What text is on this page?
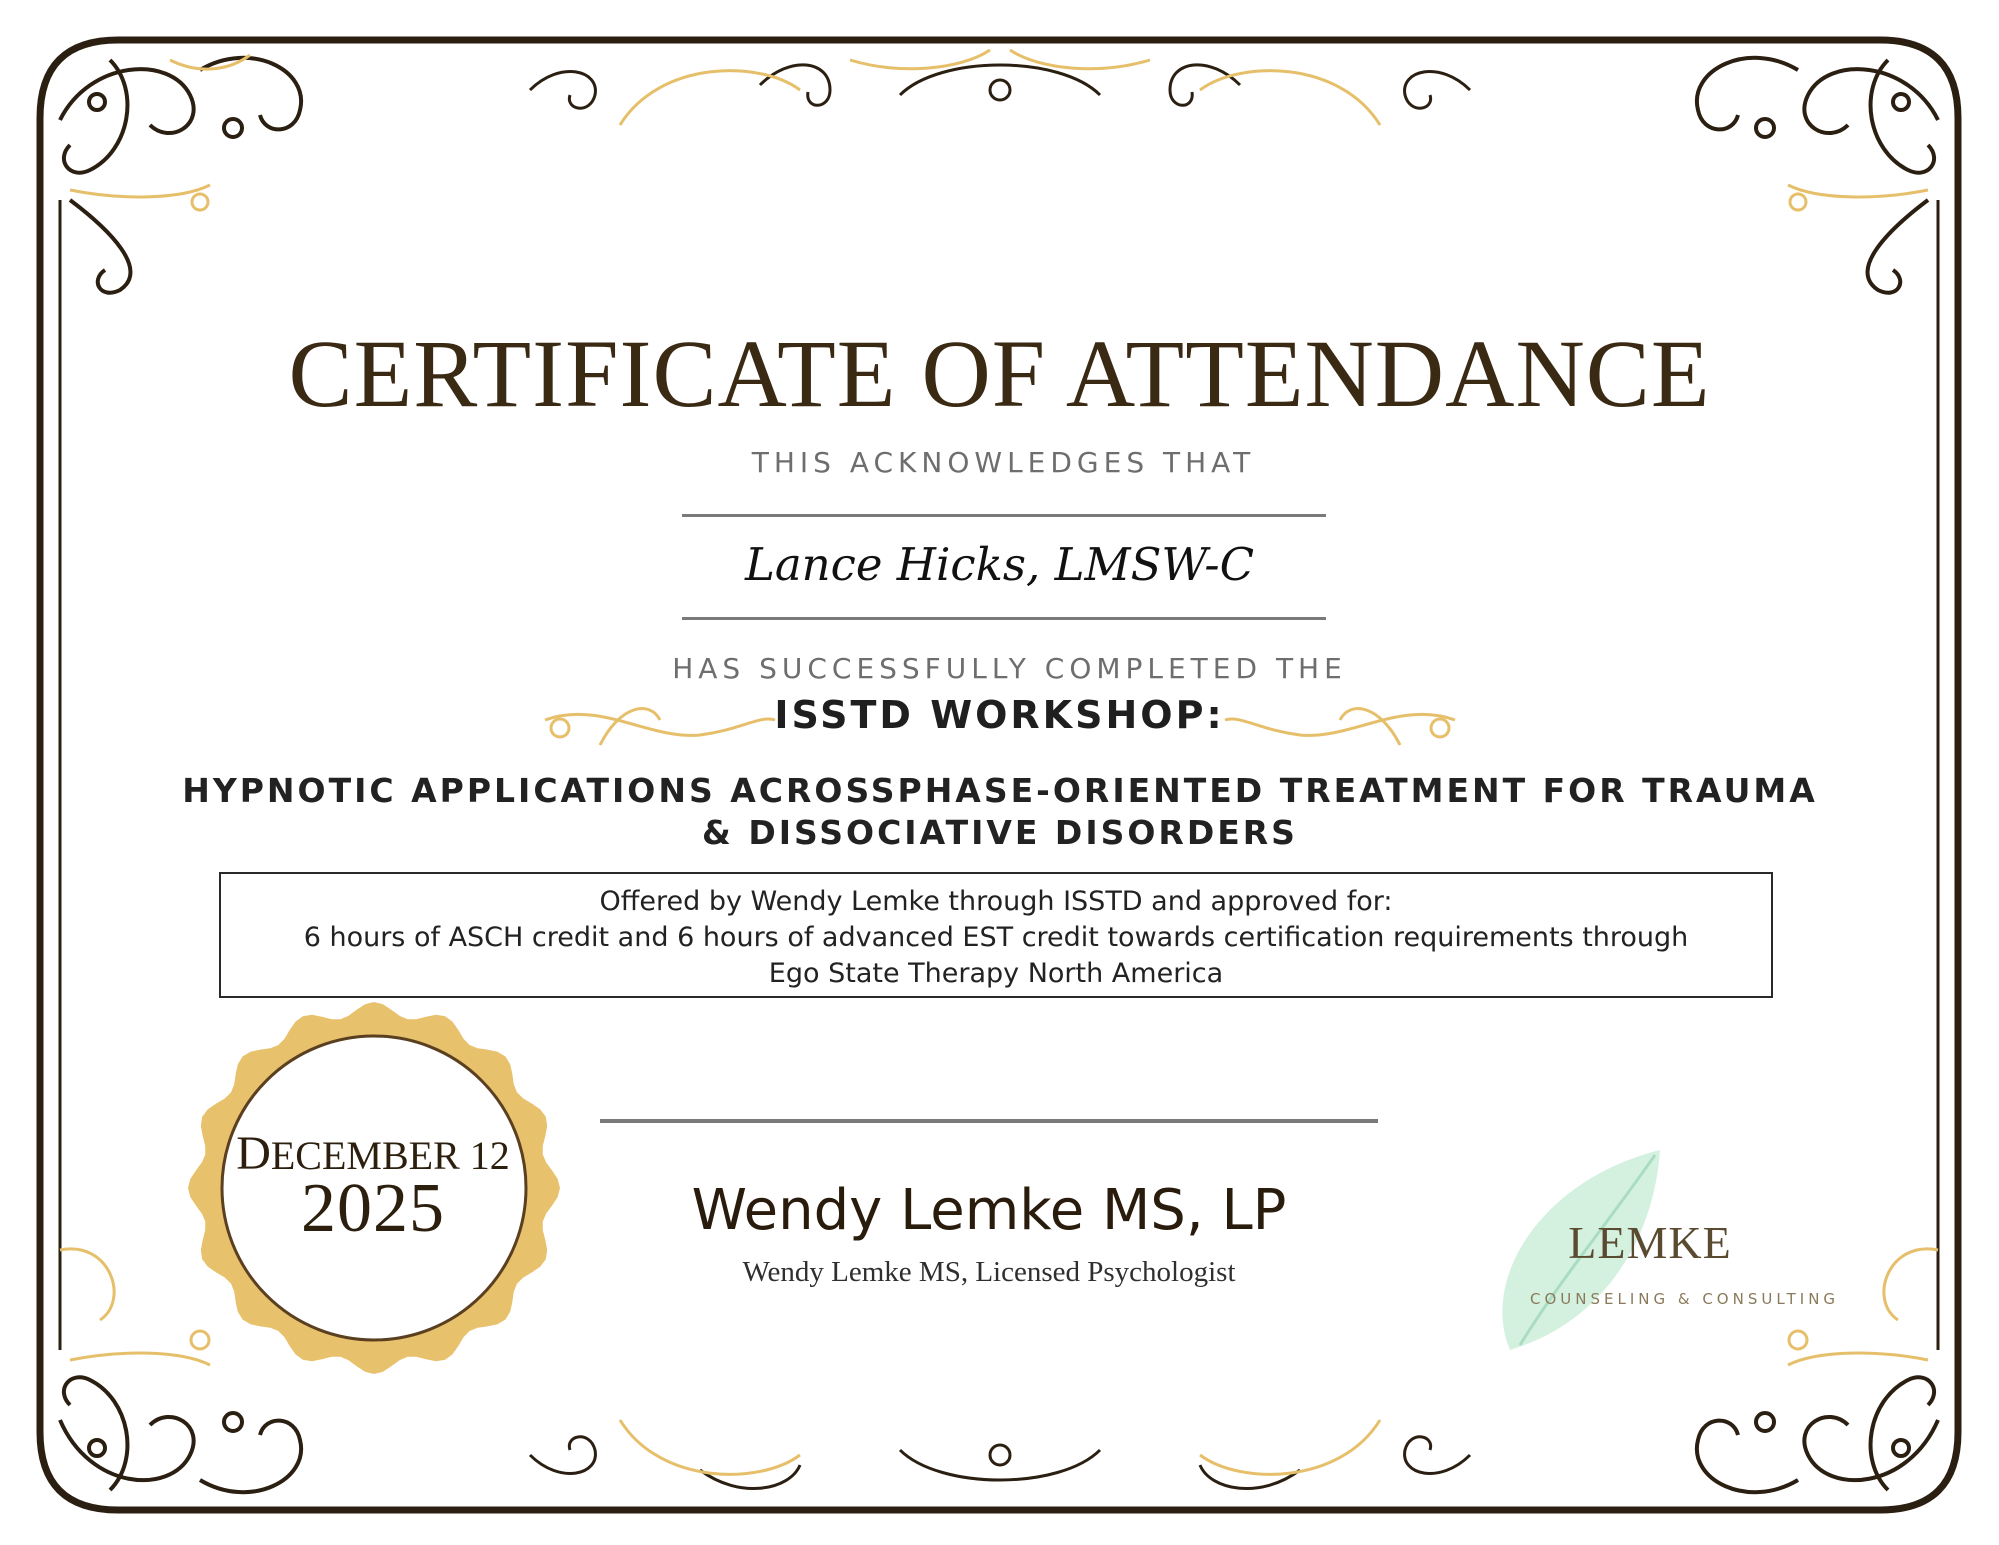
CERTIFICATE OF ATTENDANCE
THIS ACKNOWLEDGES THAT
Lance Hicks, LMSW-C
HAS SUCCESSFULLY COMPLETED THE
ISSTD WORKSHOP:
HYPNOTIC APPLICATIONS ACROSSPHASE-ORIENTED TREATMENT FOR TRAUMA
& DISSOCIATIVE DISORDERS
Offered by Wendy Lemke through ISSTD and approved for:
6 hours of ASCH credit and 6 hours of advanced EST credit towards certification requirements through
Ego State Therapy North America
DECEMBER 12
2025	Wendy Lemke MS, LP
Wendy Lemke MS, Licensed Psychologist
LEMKE
COUNSELING & CONSULTING
